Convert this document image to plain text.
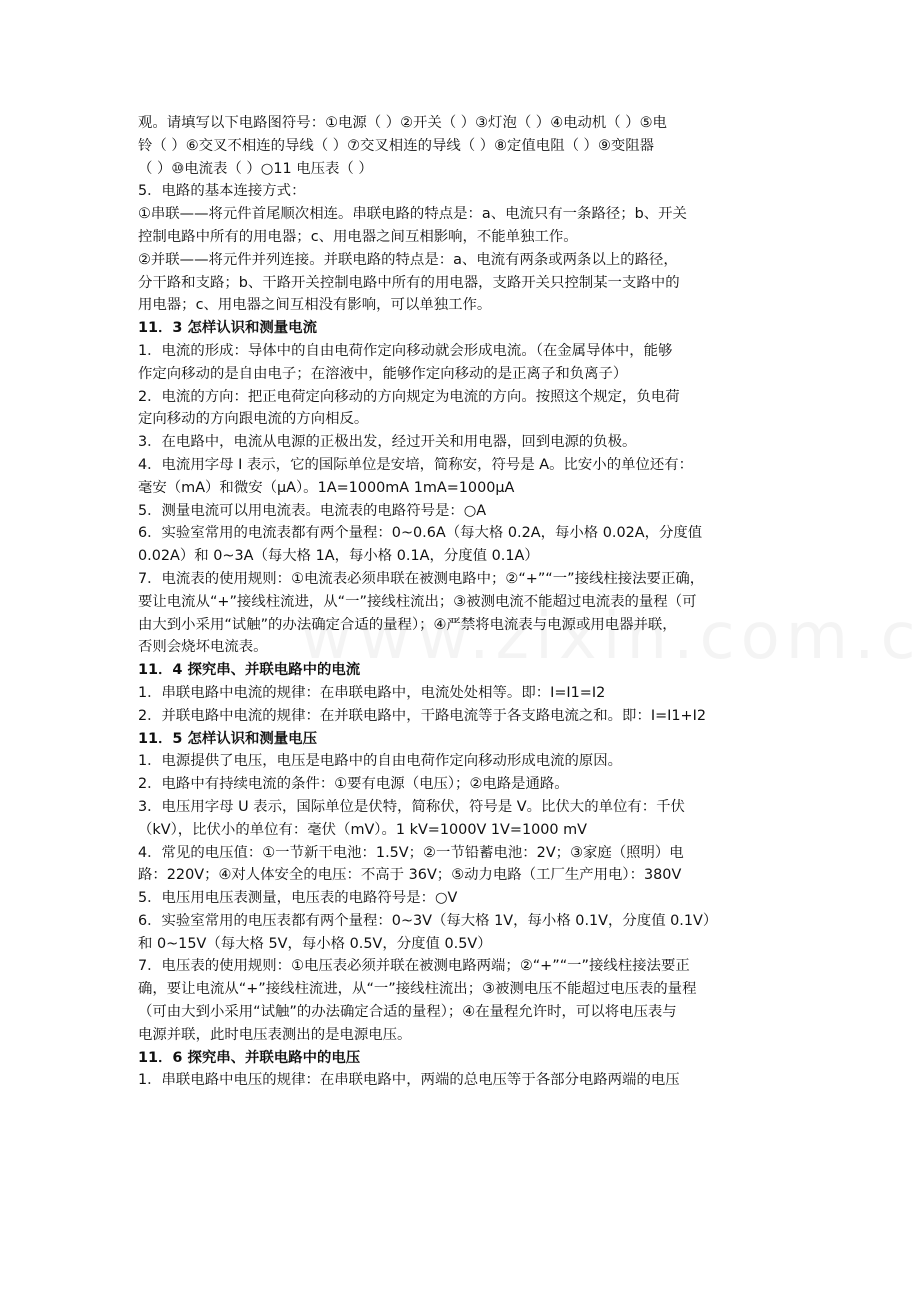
观。请填写以下电路图符号：①电源（ ）②开关（ ）③灯泡（ ）④电动机（ ）⑤电
铃（ ）⑥交叉不相连的导线（ ）⑦交叉相连的导线（ ）⑧定值电阻（ ）⑨变阻器
（ ）⑩电流表（ ）○11 电压表（ ）
5．电路的基本连接方式：
①串联——将元件首尾顺次相连。串联电路的特点是：a、电流只有一条路径；b、开关
控制电路中所有的用电器；c、用电器之间互相影响，不能单独工作。
②并联——将元件并列连接。并联电路的特点是：a、电流有两条或两条以上的路径，
分干路和支路；b、干路开关控制电路中所有的用电器，支路开关只控制某一支路中的
用电器；c、用电器之间互相没有影响，可以单独工作。
11．3 怎样认识和测量电流
1．电流的形成：导体中的自由电荷作定向移动就会形成电流。（在金属导体中，能够
作定向移动的是自由电子；在溶液中，能够作定向移动的是正离子和负离子）
2．电流的方向：把正电荷定向移动的方向规定为电流的方向。按照这个规定，负电荷
定向移动的方向跟电流的方向相反。
3．在电路中，电流从电源的正极出发，经过开关和用电器，回到电源的负极。
4．电流用字母 I 表示，它的国际单位是安培，简称安，符号是 A。比安小的单位还有：
毫安（mA）和微安（μA）。1A=1000mA 1mA=1000μA
5．测量电流可以用电流表。电流表的电路符号是：○A
6．实验室常用的电流表都有两个量程：0~0.6A（每大格 0.2A，每小格 0.02A，分度值
0.02A）和 0~3A（每大格 1A，每小格 0.1A，分度值 0.1A）
7．电流表的使用规则：①电流表必须串联在被测电路中；②“+”“一”接线柱接法要正确，
要让电流从“+”接线柱流进，从“一”接线柱流出；③被测电流不能超过电流表的量程（可
由大到小采用“试触”的办法确定合适的量程）；④严禁将电流表与电源或用电器并联，
否则会烧坏电流表。
11．4 探究串、并联电路中的电流
1．串联电路中电流的规律：在串联电路中，电流处处相等。即：I=I1=I2
2．并联电路中电流的规律：在并联电路中，干路电流等于各支路电流之和。即：I=I1+I2
11．5 怎样认识和测量电压
1．电源提供了电压，电压是电路中的自由电荷作定向移动形成电流的原因。
2．电路中有持续电流的条件：①要有电源（电压）；②电路是通路。
3．电压用字母 U 表示，国际单位是伏特，简称伏，符号是 V。比伏大的单位有：千伏
（kV），比伏小的单位有：毫伏（mV）。1 kV=1000V 1V=1000 mV
4．常见的电压值：①一节新干电池：1.5V；②一节铅蓄电池：2V；③家庭（照明）电
路：220V；④对人体安全的电压：不高于 36V；⑤动力电路（工厂生产用电）：380V
5．电压用电压表测量，电压表的电路符号是：○V
6．实验室常用的电压表都有两个量程：0~3V（每大格 1V，每小格 0.1V，分度值 0.1V）
和 0~15V（每大格 5V，每小格 0.5V，分度值 0.5V）
7．电压表的使用规则：①电压表必须并联在被测电路两端；②“+”“一”接线柱接法要正
确，要让电流从“+”接线柱流进，从“一”接线柱流出；③被测电压不能超过电压表的量程
（可由大到小采用“试触”的办法确定合适的量程）；④在量程允许时，可以将电压表与
电源并联，此时电压表测出的是电源电压。
11．6 探究串、并联电路中的电压
1．串联电路中电压的规律：在串联电路中，两端的总电压等于各部分电路两端的电压
